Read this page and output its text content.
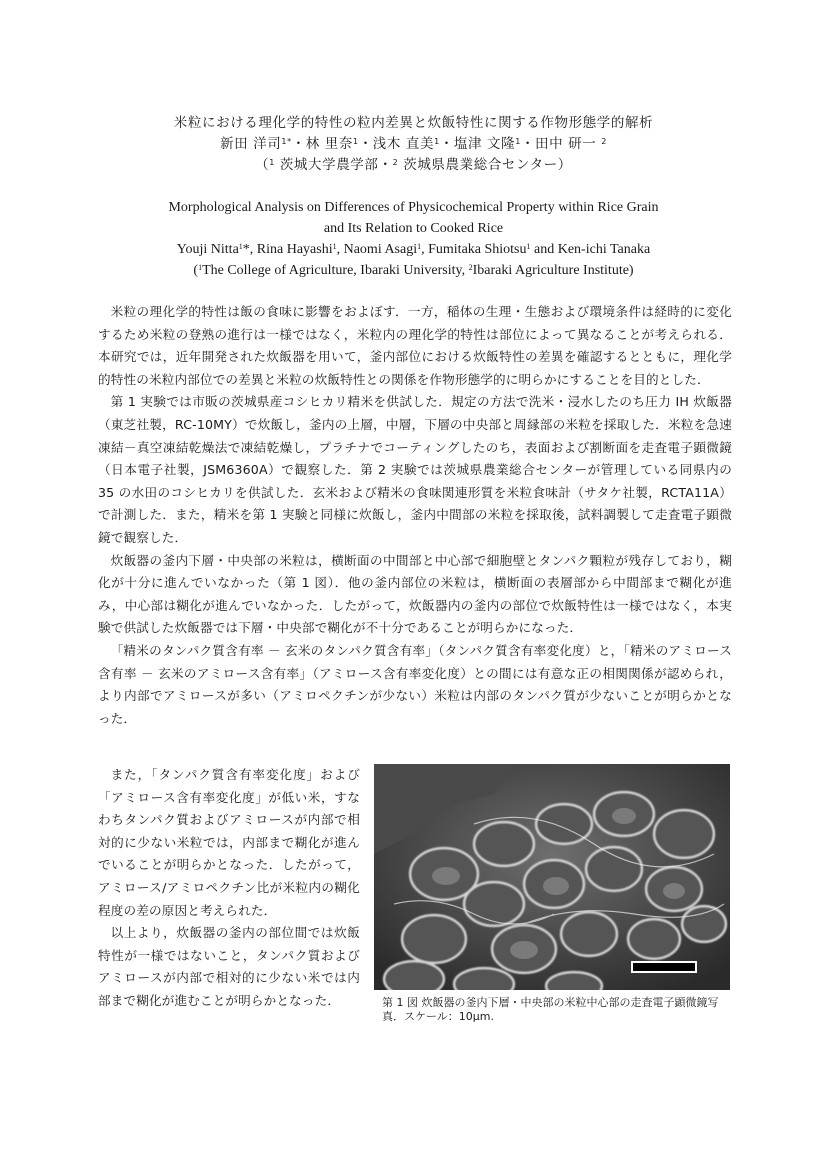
米粒における理化学的特性の粒内差異と炊飯特性に関する作物形態学的解析
新田 洋司$^{1*}$・林 里奈$^1$・浅木 直美$^1$・塩津 文隆$^1$・田中 研一 $^2$
（$^1$ 茨城大学農学部・$^2$ 茨城県農業総合センター）
Morphological Analysis on Differences of Physicochemical Property within Rice Grain
and Its Relation to Cooked Rice
Youji Nitta$^1$*, Rina Hayashi$^1$, Naomi Asagi$^1$, Fumitaka Shiotsu$^1$ and Ken-ichi Tanaka
($^1$The College of Agriculture, Ibaraki University, $^2$Ibaraki Agriculture Institute)

米粒の理化学的特性は飯の食味に影響をおよぼす．一方，稲体の生理・生態および環境条件は経時的に変化するため米粒の登熟の進行は一様ではなく，米粒内の理化学的特性は部位によって異なることが考えられる．本研究では，近年開発された炊飯器を用いて，釜内部位における炊飯特性の差異を確認するとともに，理化学的特性の米粒内部位での差異と米粒の炊飯特性との関係を作物形態学的に明らかにすることを目的とした．

第 1 実験では市販の茨城県産コシヒカリ精米を供試した．規定の方法で洗米・浸水したのち圧力 IH 炊飯器（東芝社製，RC-10MY）で炊飯し，釜内の上層，中層，下層の中央部と周縁部の米粒を採取した．米粒を急速凍結－真空凍結乾燥法で凍結乾燥し，プラチナでコーティングしたのち，表面および割断面を走査電子顕微鏡（日本電子社製，JSM6360A）で観察した．第 2 実験では茨城県農業総合センターが管理している同県内の 35 の水田のコシヒカリを供試した．玄米および精米の食味関連形質を米粒食味計（サタケ社製，RCTA11A）で計測した．また，精米を第 1 実験と同様に炊飯し，釜内中間部の米粒を採取後，試料調製して走査電子顕微鏡で観察した．

炊飯器の釜内下層・中央部の米粒は，横断面の中間部と中心部で細胞壁とタンパク顆粒が残存しており，糊化が十分に進んでいなかった（第 1 図）．他の釜内部位の米粒は，横断面の表層部から中間部まで糊化が進み，中心部は糊化が進んでいなかった．したがって，炊飯器内の釜内の部位で炊飯特性は一様ではなく，本実験で供試した炊飯器では下層・中央部で糊化が不十分であることが明らかになった．

「精米のタンパク質含有率 － 玄米のタンパク質含有率」（タンパク質含有率変化度）と，「精米のアミロース含有率 － 玄米のアミロース含有率」（アミロース含有率変化度）との間には有意な正の相関関係が認められ，より内部でアミロースが多い（アミロペクチンが少ない）米粒は内部のタンパク質が少ないことが明らかとなった．

また，「タンパク質含有率変化度」および「アミロース含有率変化度」が低い米，すなわちタンパク質およびアミロースが内部で相対的に少ない米粒では，内部まで糊化が進んでいることが明らかとなった．したがって，アミロース/アミロペクチン比が米粒内の糊化程度の差の原因と考えられた．

以上より，炊飯器の釜内の部位間では炊飯特性が一様ではないこと，タンパク質およびアミロースが内部で相対的に少ない米では内部まで糊化が進むことが明らかとなった．	第 1 図 炊飯器の釜内下層・中央部の米粒中心部の走査電子顕微鏡写真．スケール：10μm.
